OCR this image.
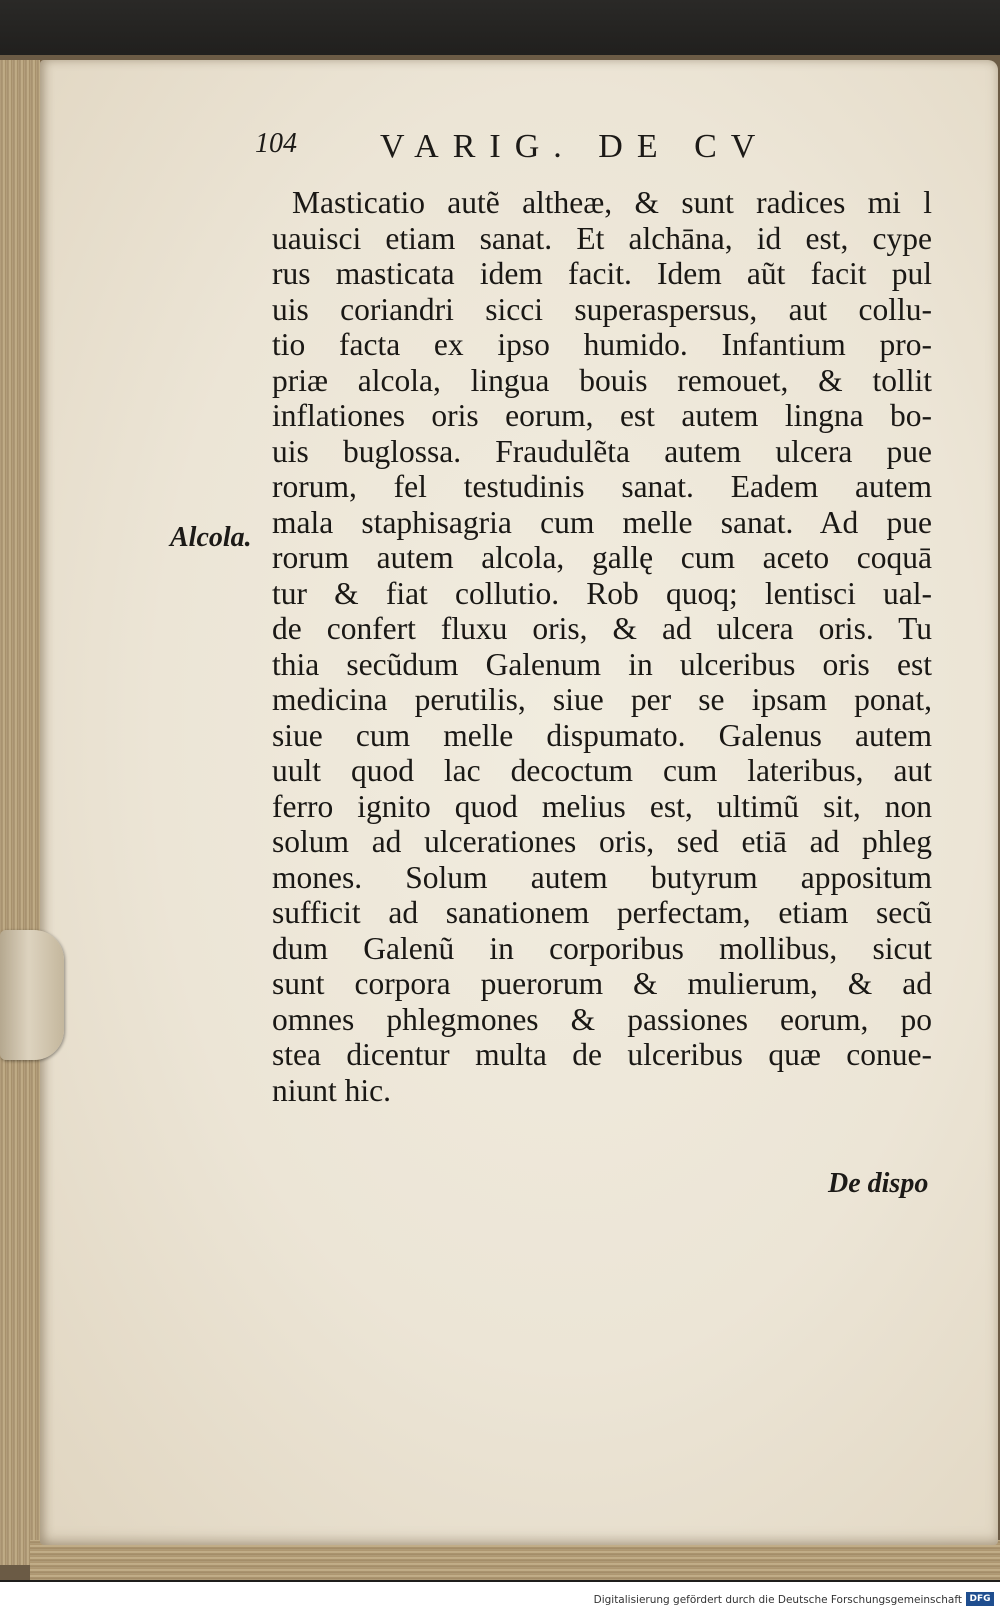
104 VARIG. DE CV
Alcola.
Masticatio autẽ altheæ, & sunt radices mi l
uauisci etiam sanat. Et alchāna, id est, cype
rus masticata idem facit. Idem aũt facit pul
uis coriandri sicci superaspersus, aut collu-
tio facta ex ipso humido. Infantium pro-
priæ alcola, lingua bouis remouet, & tollit
inflationes oris eorum, est autem lingna bo-
uis buglossa. Fraudulẽta autem ulcera pue
rorum, fel testudinis sanat. Eadem autem
mala staphisagria cum melle sanat. Ad pue
rorum autem alcola, gallę cum aceto coquā
tur & fiat collutio. Rob quoq; lentisci ual-
de confert fluxu oris, & ad ulcera oris. Tu
thia secũdum Galenum in ulceribus oris est
medicina perutilis, siue per se ipsam ponat,
siue cum melle dispumato. Galenus autem
uult quod lac decoctum cum lateribus, aut
ferro ignito quod melius est, ultimũ sit, non
solum ad ulcerationes oris, sed etiā ad phleg
mones. Solum autem butyrum appositum
sufficit ad sanationem perfectam, etiam secũ
dum Galenũ in corporibus mollibus, sicut
sunt corpora puerorum & mulierum, & ad
omnes phlegmones & passiones eorum, po
stea dicentur multa de ulceribus quæ conue-
niunt hic.
De dispo
Digitalisierung gefördert durch die Deutsche Forschungsgemeinschaft DFG
